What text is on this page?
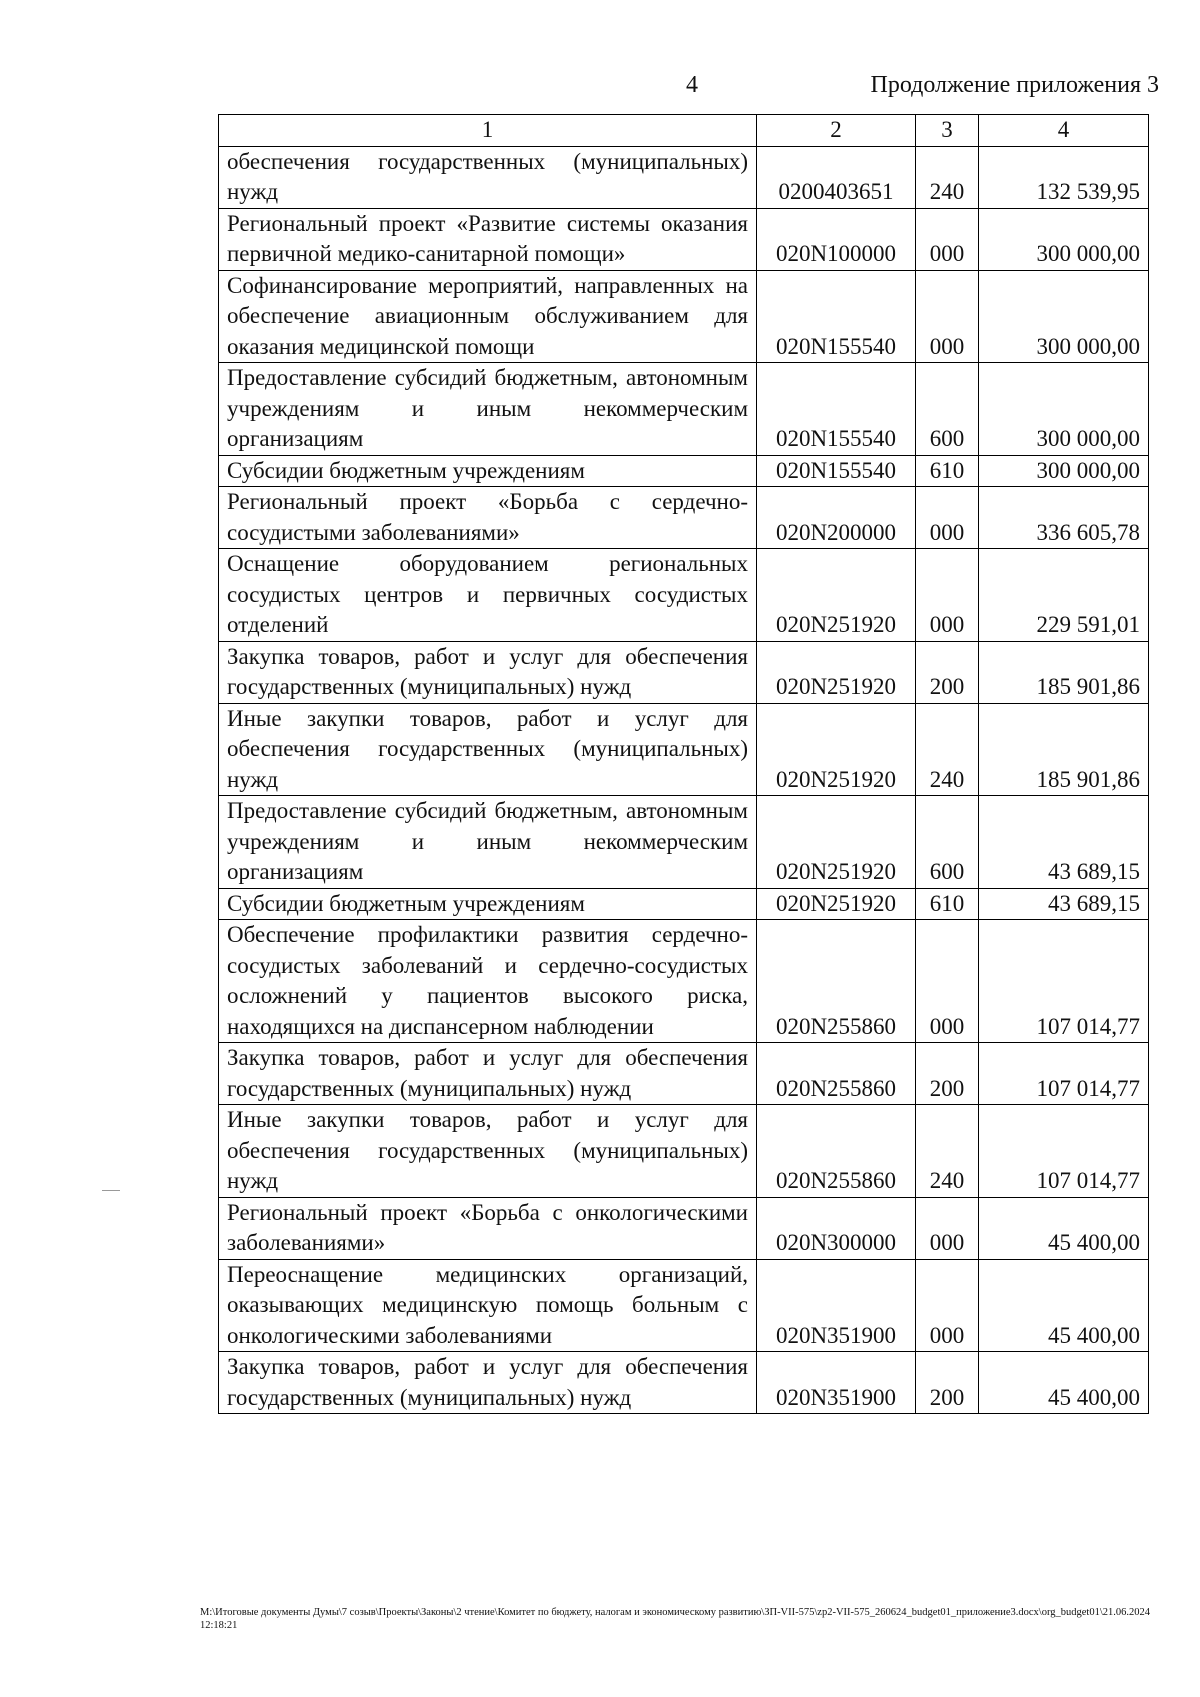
4	Продолжение приложения 3
1	2	3	4
обеспечения государственных (муниципальных) нужд	0200403651	240	132 539,95
Региональный проект «Развитие системы оказания первичной медико-санитарной помощи»	020N100000	000	300 000,00
Софинансирование мероприятий, направленных на обеспечение авиационным обслуживанием для оказания медицинской помощи	020N155540	000	300 000,00
Предоставление субсидий бюджетным, автономным учреждениям и иным некоммерческим организациям	020N155540	600	300 000,00
Субсидии бюджетным учреждениям	020N155540	610	300 000,00
Региональный проект «Борьба с сердечно-сосудистыми заболеваниями»	020N200000	000	336 605,78
Оснащение оборудованием региональных сосудистых центров и первичных сосудистых отделений	020N251920	000	229 591,01
Закупка товаров, работ и услуг для обеспечения государственных (муниципальных) нужд	020N251920	200	185 901,86
Иные закупки товаров, работ и услуг для обеспечения государственных (муниципальных) нужд	020N251920	240	185 901,86
Предоставление субсидий бюджетным, автономным учреждениям и иным некоммерческим организациям	020N251920	600	43 689,15
Субсидии бюджетным учреждениям	020N251920	610	43 689,15
Обеспечение профилактики развития сердечно-сосудистых заболеваний и сердечно-сосудистых осложнений у пациентов высокого риска, находящихся на диспансерном наблюдении	020N255860	000	107 014,77
Закупка товаров, работ и услуг для обеспечения государственных (муниципальных) нужд	020N255860	200	107 014,77
Иные закупки товаров, работ и услуг для обеспечения государственных (муниципальных) нужд	020N255860	240	107 014,77
Региональный проект «Борьба с онкологическими заболеваниями»	020N300000	000	45 400,00
Переоснащение медицинских организаций, оказывающих медицинскую помощь больным с онкологическими заболеваниями	020N351900	000	45 400,00
Закупка товаров, работ и услуг для обеспечения государственных (муниципальных) нужд	020N351900	200	45 400,00
M:\Итоговые документы Думы\7 созыв\Проекты\Законы\2 чтение\Комитет по бюджету, налогам и экономическому развитию\ЗП-VII-575\zp2-VII-575_260624_budget01_приложение3.docx\org_budget01\21.06.2024 12:18:21
